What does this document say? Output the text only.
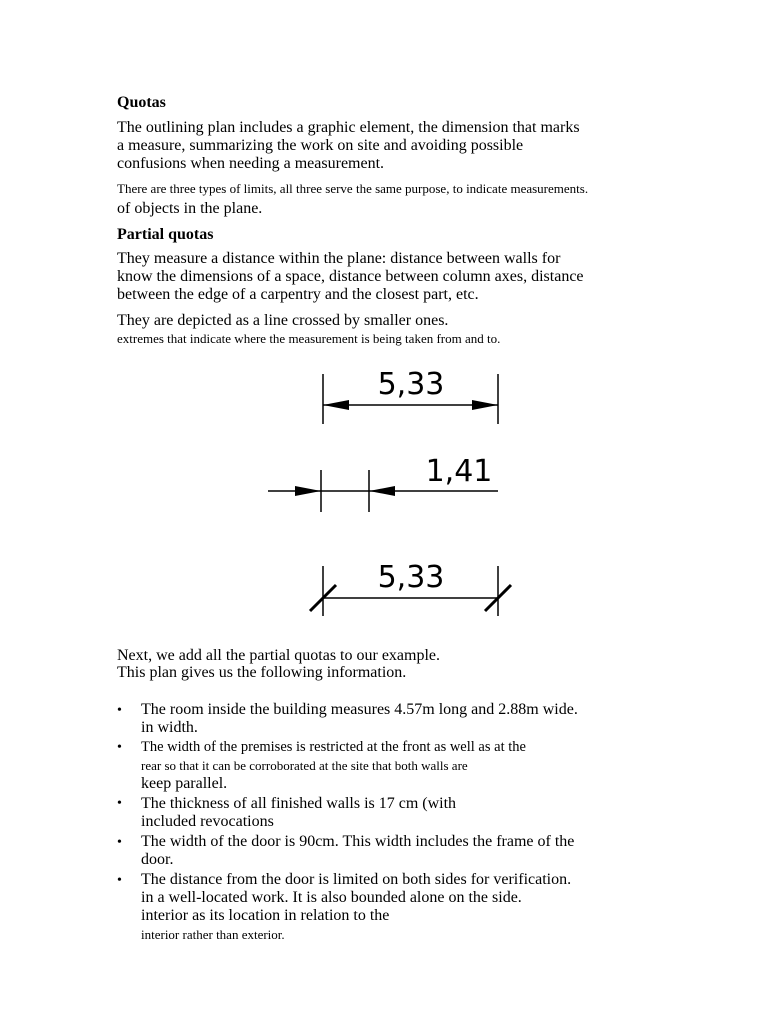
Quotas
The outlining plan includes a graphic element, the dimension that marks
a measure, summarizing the work on site and avoiding possible
confusions when needing a measurement.
There are three types of limits, all three serve the same purpose, to indicate measurements.
of objects in the plane.
Partial quotas
They measure a distance within the plane: distance between walls for
know the dimensions of a space, distance between column axes, distance
between the edge of a carpentry and the closest part, etc.
They are depicted as a line crossed by smaller ones.
extremes that indicate where the measurement is being taken from and to.
5,33
1,41
5,33
Next, we add all the partial quotas to our example.
This plan gives us the following information.
• The room inside the building measures 4.57m long and 2.88m wide.
in width.
• The width of the premises is restricted at the front as well as at the
rear so that it can be corroborated at the site that both walls are
keep parallel.
• The thickness of all finished walls is 17 cm (with
included revocations
• The width of the door is 90cm. This width includes the frame of the
door.
• The distance from the door is limited on both sides for verification.
in a well-located work. It is also bounded alone on the side.
interior as its location in relation to the
interior rather than exterior.
